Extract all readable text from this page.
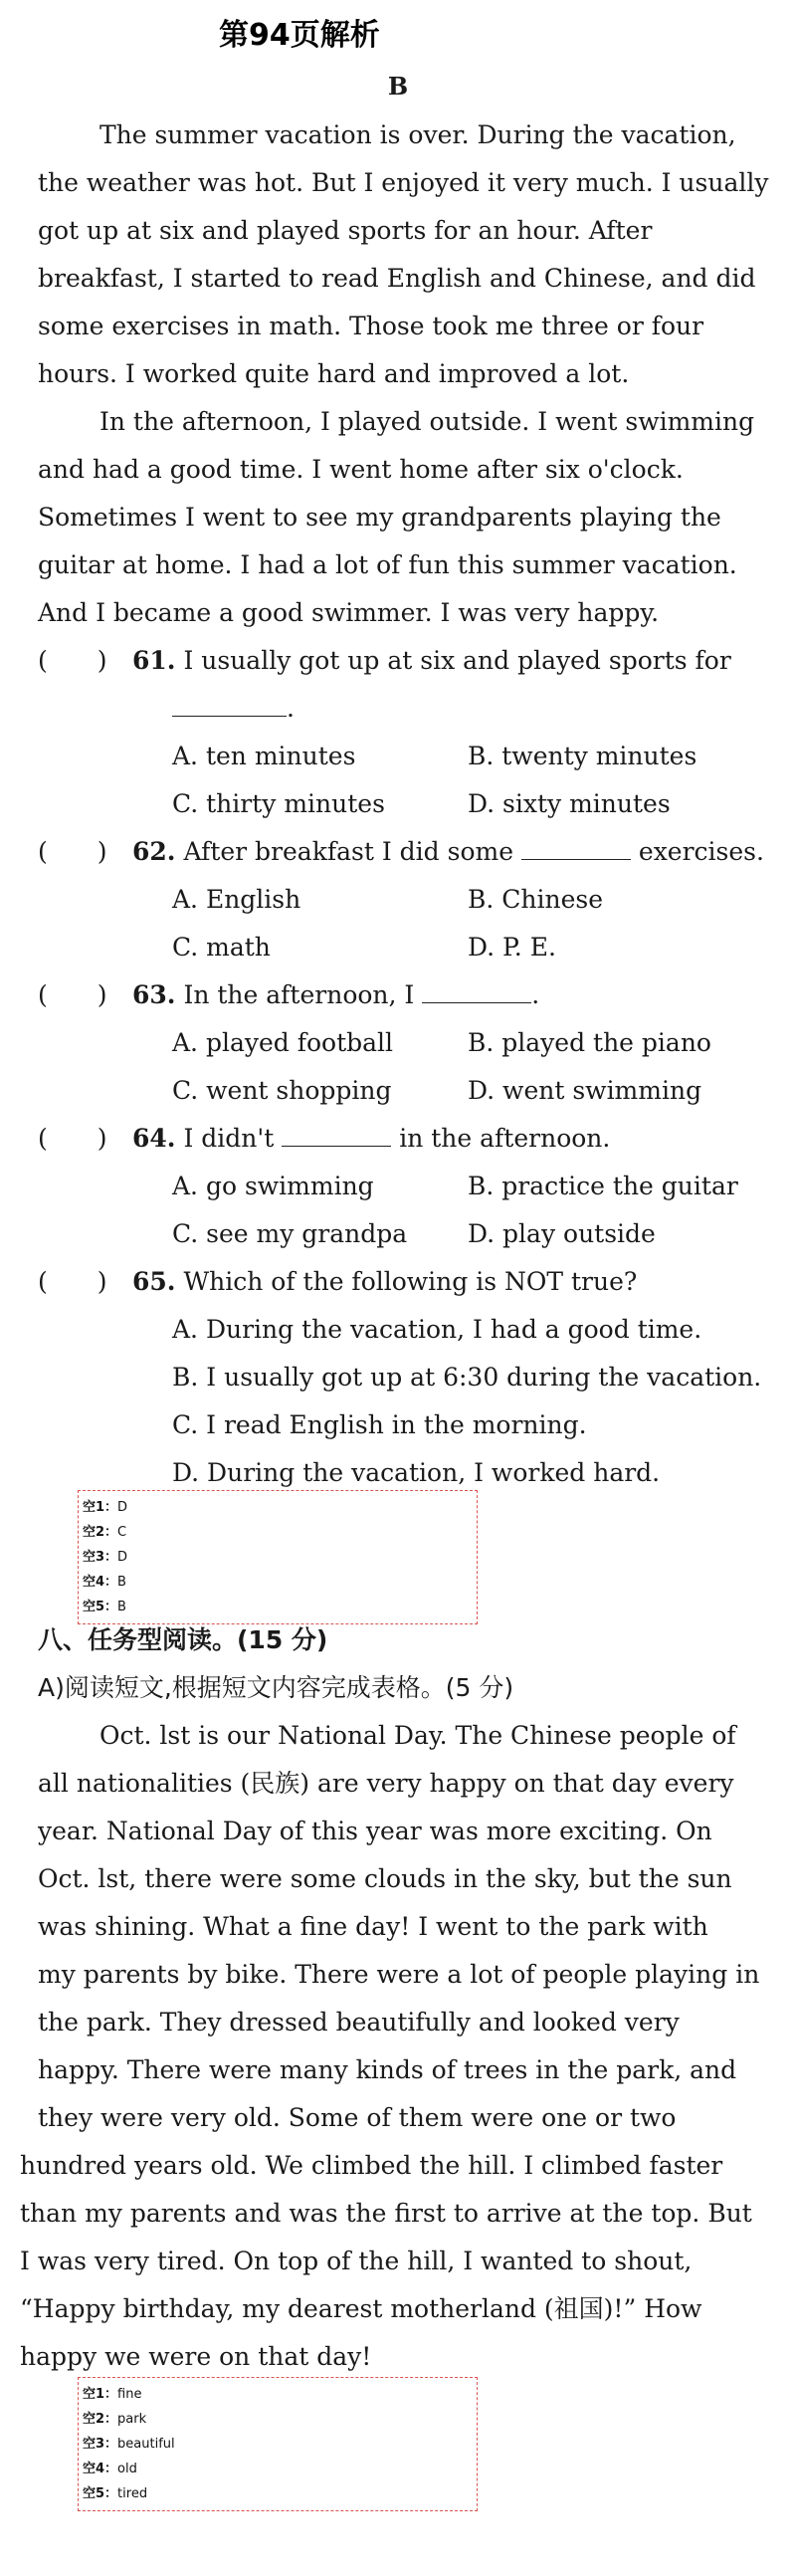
第94页解析
B
The summer vacation is over. During the vacation,
the weather was hot. But I enjoyed it very much. I usually
got up at six and played sports for an hour. After
breakfast, I started to read English and Chinese, and did
some exercises in math. Those took me three or four
hours. I worked quite hard and improved a lot.
In the afternoon, I played outside. I went swimming
and had a good time. I went home after six o'clock.
Sometimes I went to see my grandparents playing the
guitar at home. I had a lot of fun this summer vacation.
And I became a good swimmer. I was very happy.
(　　) 61. I usually got up at six and played sports for
.
A. ten minutes	B. twenty minutes
C. thirty minutes	D. sixty minutes
(　　) 62. After breakfast I did some	exercises.
A. English	B. Chinese
C. math	D. P. E.
(　　) 63. In the afternoon, I	.
A. played football	B. played the piano
C. went shopping	D. went swimming
(　　) 64. I didn't	in the afternoon.
A. go swimming	B. practice the guitar
C. see my grandpa D. play outside
(　　) 65. Which of the following is NOT true?
A. During the vacation, I had a good time.
B. I usually got up at 6:30 during the vacation.
C. I read English in the morning.
D. During the vacation, I worked hard.
空1：D
空2：C
空3：D
空4：B
空5：B
八、任务型阅读。(15 分)
A)阅读短文,根据短文内容完成表格。(5 分)
Oct. lst is our National Day. The Chinese people of
all nationalities (民族) are very happy on that day every
year. National Day of this year was more exciting. On
Oct. lst, there were some clouds in the sky, but the sun
was shining. What a fine day! I went to the park with
my parents by bike. There were a lot of people playing in
the park. They dressed beautifully and looked very
happy. There were many kinds of trees in the park, and
they were very old. Some of them were one or two
hundred years old. We climbed the hill. I climbed faster
than my parents and was the first to arrive at the top. But
I was very tired. On top of the hill, I wanted to shout,
“Happy birthday, my dearest motherland (祖国)!” How
happy we were on that day!
空1：fine
空2：park
空3：beautiful
空4：old
空5：tired
